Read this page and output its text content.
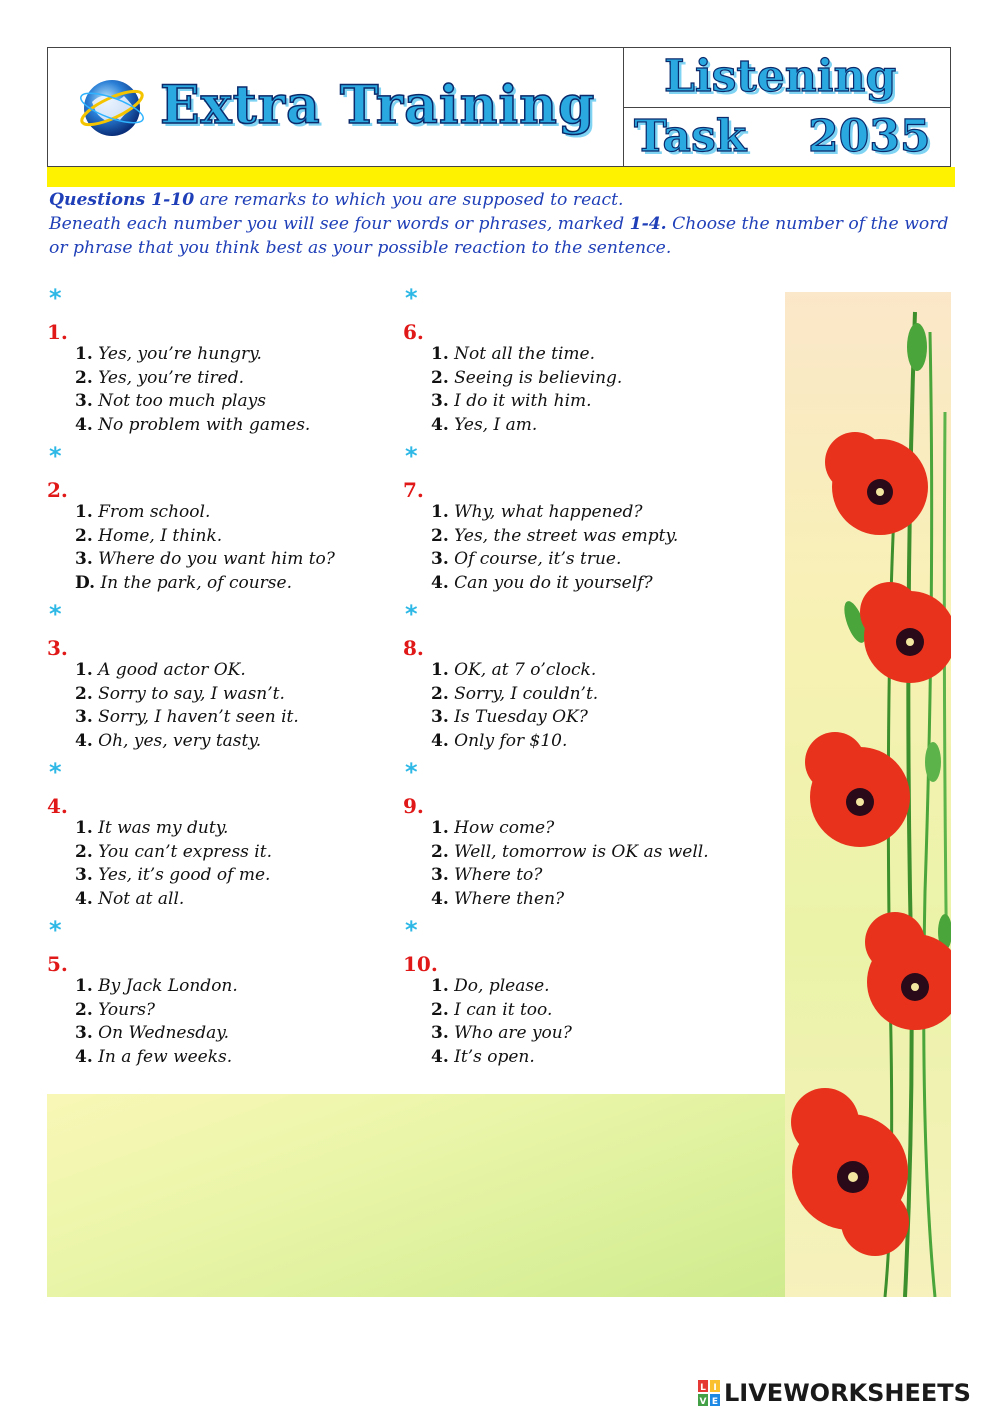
Extra Training Listening
Task 2035
Questions 1-10 are remarks to which you are supposed to react.
Beneath each number you will see four words or phrases, marked 1-4. Choose the number of the word or phrase that you think best as your possible reaction to the sentence.
*
1.
1. Yes, you’re hungry.
2. Yes, you’re tired.
3. Not too much plays
4. No problem with games.
*
2.
1. From school.
2. Home, I think.
3. Where do you want him to?
D. In the park, of course.
*
3.
1. A good actor OK.
2. Sorry to say, I wasn’t.
3. Sorry, I haven’t seen it.
4. Oh, yes, very tasty.
*
4.
1. It was my duty.
2. You can’t express it.
3. Yes, it’s good of me.
4. Not at all.
*
5.
1. By Jack London.
2. Yours?
3. On Wednesday.
4. In a few weeks.
*
6.
1. Not all the time.
2. Seeing is believing.
3. I do it with him.
4. Yes, I am.
*
7.
1. Why, what happened?
2. Yes, the street was empty.
3. Of course, it’s true.
4. Can you do it yourself?
*
8.
1. OK, at 7 o’clock.
2. Sorry, I couldn’t.
3. Is Tuesday OK?
4. Only for $10.
*
9.
1. How come?
2. Well, tomorrow is OK as well.
3. Where to?
4. Where then?
*
10.
1. Do, please.
2. I can it too.
3. Who are you?
4. It’s open.
L I
V E LIVEWORKSHEETS
